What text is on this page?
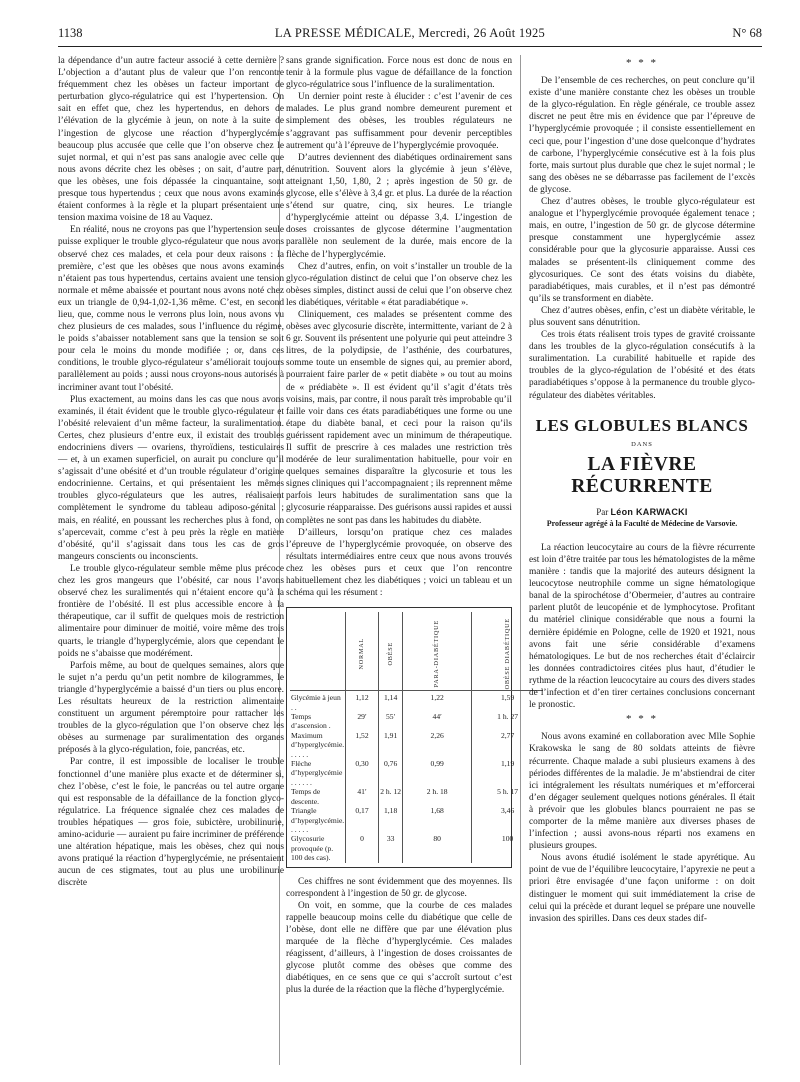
1138	LA PRESSE MÉDICALE, Mercredi, 26 Août 1925	N° 68

la dépendance d’un autre facteur associé à cette dernière ? L’objection a d’autant plus de valeur que l’on rencontre fréquemment chez les obèses un facteur important de perturbation glyco-régulatrice qui est l’hypertension. On sait en effet que, chez les hypertendus, en dehors de l’élévation de la glycémie à jeun, on note à la suite de l’ingestion de glycose une réaction d’hyperglycémie beaucoup plus accusée que celle que l’on observe chez le sujet normal, et qui n’est pas sans analogie avec celle que nous avons décrite chez les obèses ; on sait, d’autre part, que les obèses, une fois dépassée la cinquantaine, sont presque tous hypertendus ; ceux que nous avons examinés étaient conformes à la règle et la plupart présentaient une tension maxima voisine de 18 au Vaquez.

En réalité, nous ne croyons pas que l’hypertension seule puisse expliquer le trouble glyco-régulateur que nous avons observé chez ces malades, et cela pour deux raisons : la première, c’est que les obèses que nous avons examinés n’étaient pas tous hypertendus, certains avaient une tension normale et même abaissée et pourtant nous avons noté chez eux un triangle de 0,94-1,02-1,36 même. C’est, en second lieu, que, comme nous le verrons plus loin, nous avons vu chez plusieurs de ces malades, sous l’influence du régime, le poids s’abaisser notablement sans que la tension se soit pour cela le moins du monde modifiée ; or, dans ces conditions, le trouble glyco-régulateur s’améliorait toujours parallèlement au poids ; aussi nous croyons-nous autorisés à incriminer avant tout l’obésité.

Plus exactement, au moins dans les cas que nous avons examinés, il était évident que le trouble glyco-régulateur et l’obésité relevaient d’un même facteur, la suralimentation. Certes, chez plusieurs d’entre eux, il existait des troubles endocriniens divers — ovariens, thyroïdiens, testiculaires — et, à un examen superficiel, on aurait pu conclure qu’il s’agissait d’une obésité et d’un trouble régulateur d’origine endocrinienne. Certains, et qui présentaient les mêmes troubles glyco-régulateurs que les autres, réalisaient complètement le syndrome du tableau adiposo-génital ; mais, en réalité, en poussant les recherches plus à fond, on s’apercevait, comme c’est à peu près la règle en matière d’obésité, qu’il s’agissait dans tous les cas de gros mangeurs conscients ou inconscients.

Le trouble glyco-régulateur semble même plus précoce chez les gros mangeurs que l’obésité, car nous l’avons observé chez les suralimentés qui n’étaient encore qu’à la frontière de l’obésité. Il est plus accessible encore à la thérapeutique, car il suffit de quelques mois de restriction alimentaire pour diminuer de moitié, voire même des trois quarts, le triangle d’hyperglycémie, alors que cependant le poids ne s’abaisse que modérément.

Parfois même, au bout de quelques semaines, alors que le sujet n’a perdu qu’un petit nombre de kilogrammes, le triangle d’hyperglycémie a baissé d’un tiers ou plus encore. Les résultats heureux de la restriction alimentaire constituent un argument péremptoire pour rattacher les troubles de la glyco-régulation que l’on observe chez les obèses au surmenage par suralimentation des organes préposés à la glyco-régulation, foie, pancréas, etc.

Par contre, il est impossible de localiser le trouble fonctionnel d’une manière plus exacte et de déterminer si, chez l’obèse, c’est le foie, le pancréas ou tel autre organe qui est responsable de la défaillance de la fonction glyco-régulatrice. La fréquence signalée chez ces malades de troubles hépatiques — gros foie, subictère, urobilinurie, amino-acidurie — auraient pu faire incriminer de préférence une altération hépatique, mais les obèses, chez qui nous avons pratiqué la réaction d’hyperglycémie, ne présentaient aucun de ces stigmates, tout au plus une urobilinurie discrète

sans grande signification. Force nous est donc de nous en tenir à la formule plus vague de défaillance de la fonction glyco-régulatrice sous l’influence de la suralimentation.

Un dernier point reste à élucider : c’est l’avenir de ces malades. Le plus grand nombre demeurent purement et simplement des obèses, les troubles régulateurs ne s’aggravant pas suffisamment pour devenir perceptibles autrement qu’à l’épreuve de l’hyperglycémie provoquée.

D’autres deviennent des diabétiques ordinairement sans dénutrition. Souvent alors la glycémie à jeun s’élève, atteignant 1,50, 1,80, 2 ; après ingestion de 50 gr. de glycose, elle s’élève à 3,4 gr. et plus. La durée de la réaction s’étend sur quatre, cinq, six heures. Le triangle d’hyperglycémie atteint ou dépasse 3,4. L’ingestion de doses croissantes de glycose détermine l’augmentation parallèle non seulement de la durée, mais encore de la flèche de l’hyperglycémie.

Chez d’autres, enfin, on voit s’installer un trouble de la glyco-régulation distinct de celui que l’on observe chez les obèses simples, distinct aussi de celui que l’on observe chez les diabétiques, véritable « état paradiabétique ».

Cliniquement, ces malades se présentent comme des obèses avec glycosurie discrète, intermittente, variant de 2 à 6 gr. Souvent ils présentent une polyurie qui peut atteindre 3 litres, de la polydipsie, de l’asthénie, des courbatures, somme toute un ensemble de signes qui, au premier abord, pourraient faire parler de « petit diabète » ou tout au moins de « prédiabète ». Il est évident qu’il s’agit d’états très voisins, mais, par contre, il nous paraît très improbable qu’il faille voir dans ces états paradiabétiques une forme ou une étape du diabète banal, et ceci pour la raison qu’ils guérissent rapidement avec un minimum de thérapeutique. Il suffit de prescrire à ces malades une restriction très modérée de leur suralimentation habituelle, pour voir en quelques semaines disparaître la glycosurie et tous les signes cliniques qui l’accompagnaient ; ils reprennent même parfois leurs habitudes de suralimentation sans que la glycosurie réapparaisse. Des guérisons aussi rapides et aussi complètes ne sont pas dans les habitudes du diabète.

D’ailleurs, lorsqu’on pratique chez ces malades l’épreuve de l’hyperglycémie provoquée, on observe des résultats intermédiaires entre ceux que nous avons trouvés chez les obèses purs et ceux que l’on rencontre habituellement chez les diabétiques ; voici un tableau et un schéma qui les résument :

	NORMAL	OBÈSE	PARA-DIABÉTIQUE	OBÈSE DIABÉTIQUE
Glycémie à jeun . .	1,12	1,14	1,22	1,59
Temps d’ascension .	29′	55′	44′	1 h. 27
Maximum d’hyperglycémie. . . . . .	1,52	1,91	2,26	2,77
Flèche d’hyperglycémie . . . . . .	0,30	0,76	0,99	1,19
Temps de descente.	41′	2 h. 12	2 h. 18	5 h. 17
Triangle d’hyperglycémie. . . . . .	0,17	1,18	1,68	3,46
Glycosurie provoquée (p. 100 des cas).	0	33	80	100

Ces chiffres ne sont évidemment que des moyennes. Ils correspondent à l’ingestion de 50 gr. de glycose.

On voit, en somme, que la courbe de ces malades rappelle beaucoup moins celle du diabétique que celle de l’obèse, dont elle ne diffère que par une élévation plus marquée de la flèche d’hyperglycémie. Ces malades réagissent, d’ailleurs, à l’ingestion de doses croissantes de glycose plutôt comme des obèses que comme des diabétiques, en ce sens que ce qui s’accroît surtout c’est plus la durée de la réaction que la flèche d’hyperglycémie.

* * *

De l’ensemble de ces recherches, on peut conclure qu’il existe d’une manière constante chez les obèses un trouble de la glyco-régulation. En règle générale, ce trouble assez discret ne peut être mis en évidence que par l’épreuve de l’hyperglycémie provoquée ; il consiste essentiellement en ceci que, pour l’ingestion d’une dose quelconque d’hydrates de carbone, l’hyperglycémie consécutive est à la fois plus forte, mais surtout plus durable que chez le sujet normal ; le sang des obèses ne se débarrasse pas facilement de l’excès de glycose.

Chez d’autres obèses, le trouble glyco-régulateur est analogue et l’hyperglycémie provoquée également tenace ; mais, en outre, l’ingestion de 50 gr. de glycose détermine presque constamment une hyperglycémie assez considérable pour que la glycosurie apparaisse. Aussi ces malades se présentent-ils cliniquement comme des glycosuriques. Ce sont des états voisins du diabète, paradiabétiques, mais curables, et il n’est pas démontré qu’ils se transforment en diabète.

Chez d’autres obèses, enfin, c’est un diabète véritable, le plus souvent sans dénutrition.

Ces trois états réalisent trois types de gravité croissante dans les troubles de la glyco-régulation consécutifs à la suralimentation. La curabilité habituelle et rapide des troubles de la glyco-régulation de l’obésité et des états paradiabétiques s’oppose à la permanence du trouble glyco-régulateur des diabètes véritables.

LES GLOBULES BLANCS
DANS
LA FIÈVRE RÉCURRENTE
Par Léon KARWACKI
Professeur agrégé à la Faculté de Médecine de Varsovie.

La réaction leucocytaire au cours de la fièvre récurrente est loin d’être traitée par tous les hématologistes de la même manière : tandis que la majorité des auteurs désignent la leucocytose neutrophile comme un signe hématologique banal de la spirochétose d’Obermeier, d’autres au contraire parlent plutôt de leucopénie et de lymphocytose. Profitant du matériel clinique considérable que nous a fourni la dernière épidémie en Pologne, celle de 1920 et 1921, nous avons fait une série considérable d’examens hématologiques. Le but de nos recherches était d’éclaircir les données contradictoires citées plus haut, d’étudier le rythme de la réaction leucocytaire au cours des divers stades de l’infection et d’en tirer certaines conclusions concernant le pronostic.

* * *

Nous avons examiné en collaboration avec Mlle Sophie Krakowska le sang de 80 soldats atteints de fièvre récurrente. Chaque malade a subi plusieurs examens à des périodes différentes de la maladie. Je m’abstiendrai de citer ici intégralement les résultats numériques et m’efforcerai d’en dégager seulement quelques notions générales. Il était à prévoir que les globules blancs pourraient ne pas se comporter de la même manière aux diverses phases de l’infection ; aussi avons-nous réparti nos examens en plusieurs groupes.

Nous avons étudié isolément le stade apyrétique. Au point de vue de l’équilibre leucocytaire, l’apyrexie ne peut a priori être envisagée d’une façon uniforme : on doit distinguer le moment qui suit immédiatement la crise de celui qui la précède et durant lequel se prépare une nouvelle invasion des spirilles. Dans ces deux stades dif-
